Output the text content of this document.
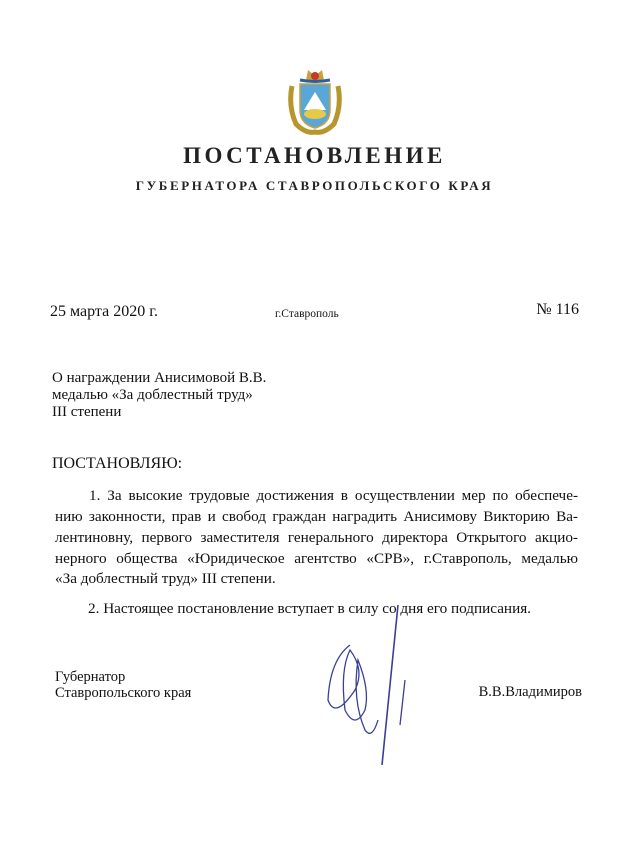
ПОСТАНОВЛЕНИЕ
ГУБЕРНАТОРА СТАВРОПОЛЬСКОГО КРАЯ
25 марта 2020 г.	г.Ставрополь	№ 116
О награждении Анисимовой В.В.
медалью «За доблестный труд»
III степени
ПОСТАНОВЛЯЮ:
1. За высокие трудовые достижения в осуществлении мер по обеспече-
нию законности, прав и свобод граждан наградить Анисимову Викторию Ва-
лентиновну, первого заместителя генерального директора Открытого акцио-
нерного общества «Юридическое агентство «СРВ», г.Ставрополь, медалью
«За доблестный труд» III степени.
2. Настоящее постановление вступает в силу со дня его подписания.
Губернатор
Ставропольского края	В.В.Владимиров
